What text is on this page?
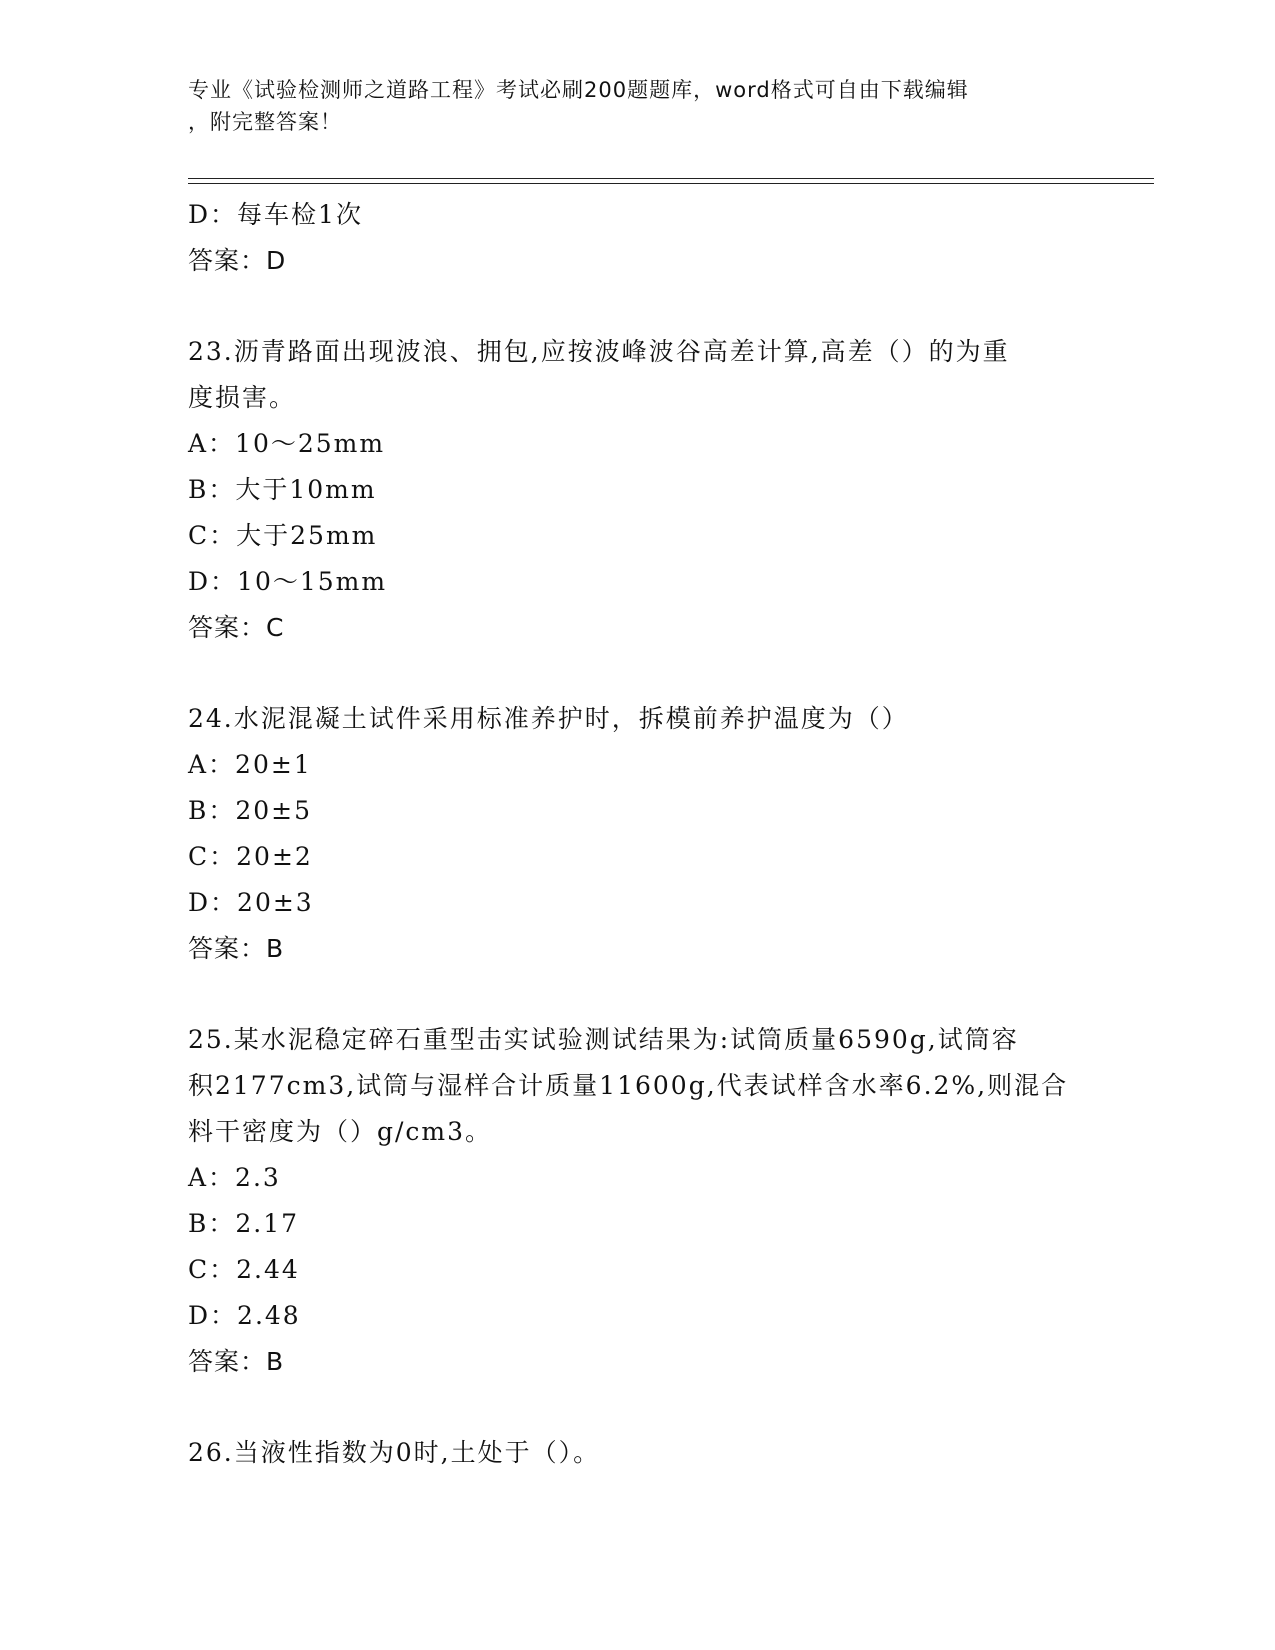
专业《试验检测师之道路工程》考试必刷200题题库，word格式可自由下载编辑
，附完整答案！
D：每车检1次
答案：D
23.沥青路面出现波浪、拥包,应按波峰波谷高差计算,高差（）的为重
度损害。
A：10～25mm
B：大于10mm
C：大于25mm
D：10～15mm
答案：C
24.水泥混凝土试件采用标准养护时，拆模前养护温度为（）
A：20±1
B：20±5
C：20±2
D：20±3
答案：B
25.某水泥稳定碎石重型击实试验测试结果为:试筒质量6590g,试筒容
积2177cm3,试筒与湿样合计质量11600g,代表试样含水率6.2%,则混合
料干密度为（）g/cm3。
A：2.3
B：2.17
C：2.44
D：2.48
答案：B
26.当液性指数为0时,土处于（）。
